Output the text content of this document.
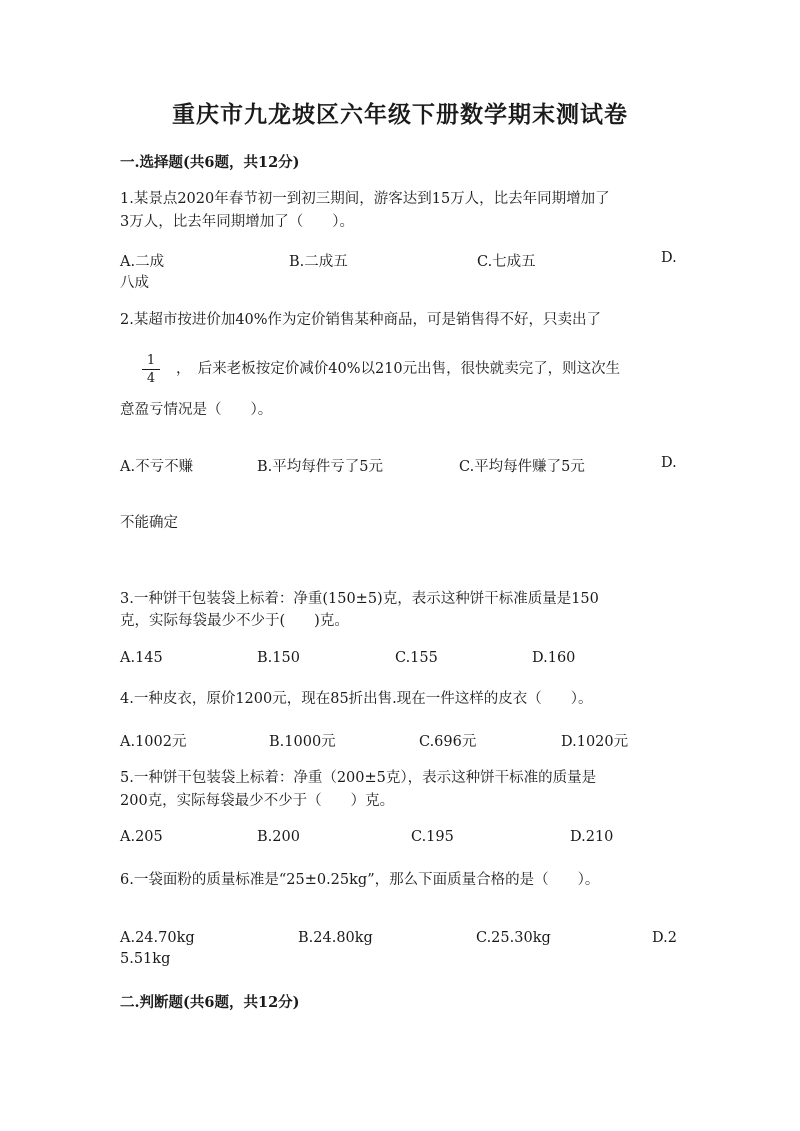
重庆市九龙坡区六年级下册数学期末测试卷
一.选择题(共6题，共12分)
1.某景点2020年春节初一到初三期间，游客达到15万人，比去年同期增加了
3万人，比去年同期增加了（　　）。
A.二成	B.二成五	C.七成五	D.
八成
2.某超市按进价加40%作为定价销售某种商品，可是销售得不好，只卖出了
1
4
，　后来老板按定价减价40%以210元出售，很快就卖完了，则这次生
意盈亏情况是（　　）。
A.不亏不赚	B.平均每件亏了5元	C.平均每件赚了5元	D.
不能确定
3.一种饼干包装袋上标着：净重(150±5)克，表示这种饼干标准质量是150
克，实际每袋最少不少于(　　)克。
A.145	B.150	C.155	D.160
4.一种皮衣，原价1200元，现在85折出售.现在一件这样的皮衣（　　）。
A.1002元	B.1000元	C.696元	D.1020元
5.一种饼干包装袋上标着：净重（200±5克），表示这种饼干标准的质量是
200克，实际每袋最少不少于（　　）克。
A.205	B.200	C.195	D.210
6.一袋面粉的质量标准是“25±0.25kg”，那么下面质量合格的是（　　）。
A.24.70kg	B.24.80kg	C.25.30kg	D.2
5.51kg
二.判断题(共6题，共12分)
